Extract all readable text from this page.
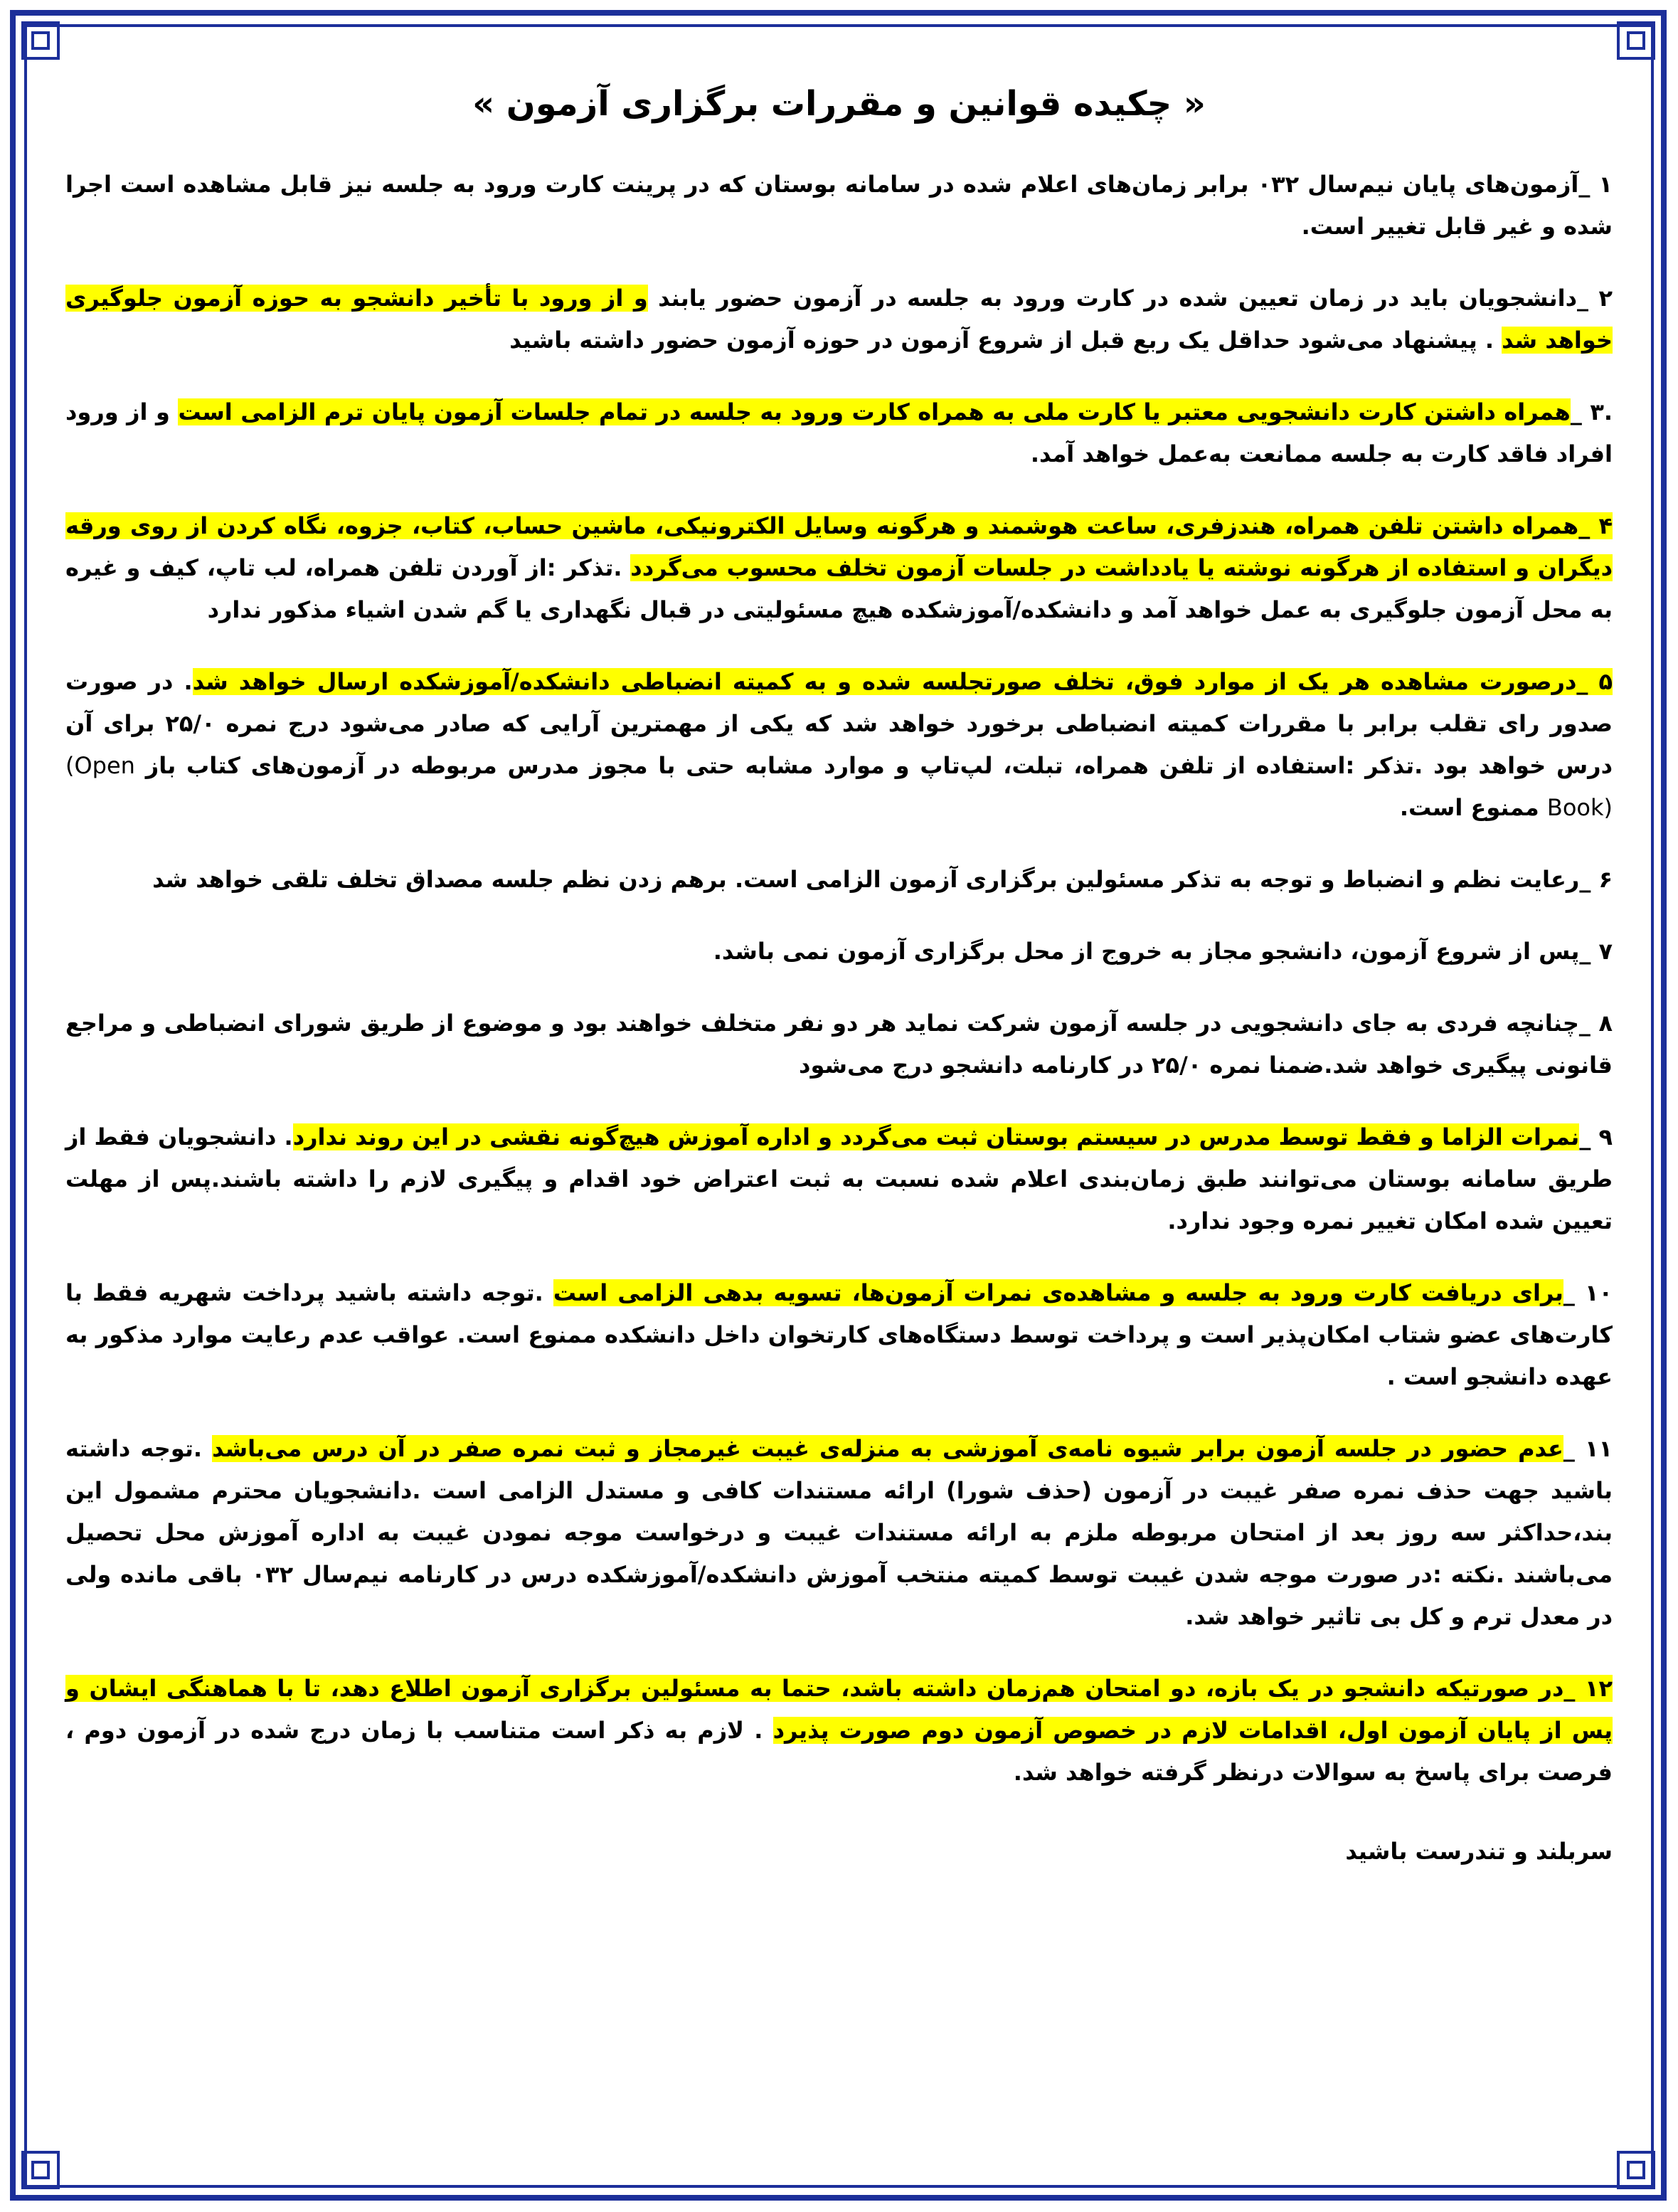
« چکیده قوانین و مقررات برگزاری آزمون »

۱ _آزمون‌های پایان نیم‌سال ۰۳۲ برابر زمان‌های اعلام شده در سامانه بوستان که در پرینت کارت ورود به جلسه نیز قابل مشاهده است اجرا شده و غیر قابل تغییر است.

۲ _دانشجویان باید در زمان تعیین شده در کارت ورود به جلسه در آزمون حضور یابند و از ورود با تأخیر دانشجو به حوزه آزمون جلوگیری خواهد شد . پیشنهاد می‌شود حداقل یک ربع قبل از شروع آزمون در حوزه آزمون حضور داشته باشید

.۳ _همراه داشتن کارت دانشجویی معتبر یا کارت ملی به همراه کارت ورود به جلسه در تمام جلسات آزمون پایان ترم الزامی است و از ورود افراد فاقد کارت به جلسه ممانعت به‌عمل خواهد آمد.

۴ _همراه داشتن تلفن همراه، هندزفری، ساعت هوشمند و هرگونه وسایل الکترونیکی، ماشین حساب، کتاب، جزوه، نگاه کردن از روی ورقه دیگران و استفاده از هرگونه نوشته یا یادداشت در جلسات آزمون تخلف محسوب می‌گردد .تذکر :از آوردن تلفن همراه، لب تاپ، کیف و غیره به محل آزمون جلوگیری به عمل خواهد آمد و دانشکده/آموزشکده هیچ مسئولیتی در قبال نگهداری یا گم شدن اشیاء مذکور ندارد

۵ _درصورت مشاهده هر یک از موارد فوق، تخلف صورتجلسه شده و به کمیته انضباطی دانشکده/آموزشکده ارسال خواهد شد. در صورت صدور رای تقلب برابر با مقررات کمیته انضباطی برخورد خواهد شد که یکی از مهمترین آرایی که صادر می‌شود درج نمره ۲۵/۰ برای آن درس خواهد بود .تذکر :استفاده از تلفن همراه، تبلت، لپ‌تاپ و موارد مشابه حتی با مجوز مدرس مربوطه در آزمون‌های کتاب باز (Open Book) ممنوع است.

۶ _رعایت نظم و انضباط و توجه به تذکر مسئولین برگزاری آزمون الزامی است. برهم زدن نظم جلسه مصداق تخلف تلقی خواهد شد

۷ _پس از شروع آزمون، دانشجو مجاز به خروج از محل برگزاری آزمون نمی باشد.

۸ _چنانچه فردی به جای دانشجویی در جلسه آزمون شرکت نماید هر دو نفر متخلف خواهند بود و موضوع از طریق شورای انضباطی و مراجع قانونی پیگیری خواهد شد.ضمنا نمره ۲۵/۰ در کارنامه دانشجو درج می‌شود

۹ _نمرات الزاما و فقط توسط مدرس در سیستم بوستان ثبت می‌گردد و اداره آموزش هیچ‌گونه نقشی در این روند ندارد. دانشجویان فقط از طریق سامانه بوستان می‌توانند طبق زمان‌بندی اعلام شده نسبت به ثبت اعتراض خود اقدام و پیگیری لازم را داشته باشند.پس از مهلت تعیین شده امکان تغییر نمره وجود ندارد.

۱۰ _برای دریافت کارت ورود به جلسه و مشاهده‌ی نمرات آزمون‌ها، تسویه بدهی الزامی است .توجه داشته باشید پرداخت شهریه فقط با کارت‌های عضو شتاب امکان‌پذیر است و پرداخت توسط دستگاه‌های کارتخوان داخل دانشکده ممنوع است. عواقب عدم رعایت موارد مذکور به عهده دانشجو است .

۱۱ _عدم حضور در جلسه آزمون برابر شیوه نامه‌ی آموزشی به منزله‌ی غیبت غیرمجاز و ثبت نمره صفر در آن درس می‌باشد .توجه داشته باشید جهت حذف نمره صفر غیبت در آزمون (حذف شورا) ارائه مستندات کافی و مستدل الزامی است .دانشجویان محترم مشمول این بند،حداکثر سه روز بعد از امتحان مربوطه ملزم به ارائه مستندات غیبت و درخواست موجه نمودن غیبت به اداره آموزش محل تحصیل می‌باشند .نکته :در صورت موجه شدن غیبت توسط کمیته منتخب آموزش دانشکده/آموزشکده درس در کارنامه نیم‌سال ۰۳۲ باقی مانده ولی در معدل ترم و کل بی تاثیر خواهد شد.

۱۲ _در صورتیکه دانشجو در یک بازه، دو امتحان هم‌زمان داشته باشد، حتما به مسئولین برگزاری آزمون اطلاع دهد، تا با هماهنگی ایشان و پس از پایان آزمون اول، اقدامات لازم در خصوص آزمون دوم صورت پذیرد . لازم به ذکر است متناسب با زمان درج شده در آزمون دوم ، فرصت برای پاسخ به سوالات درنظر گرفته خواهد شد.

سربلند و تندرست باشید
